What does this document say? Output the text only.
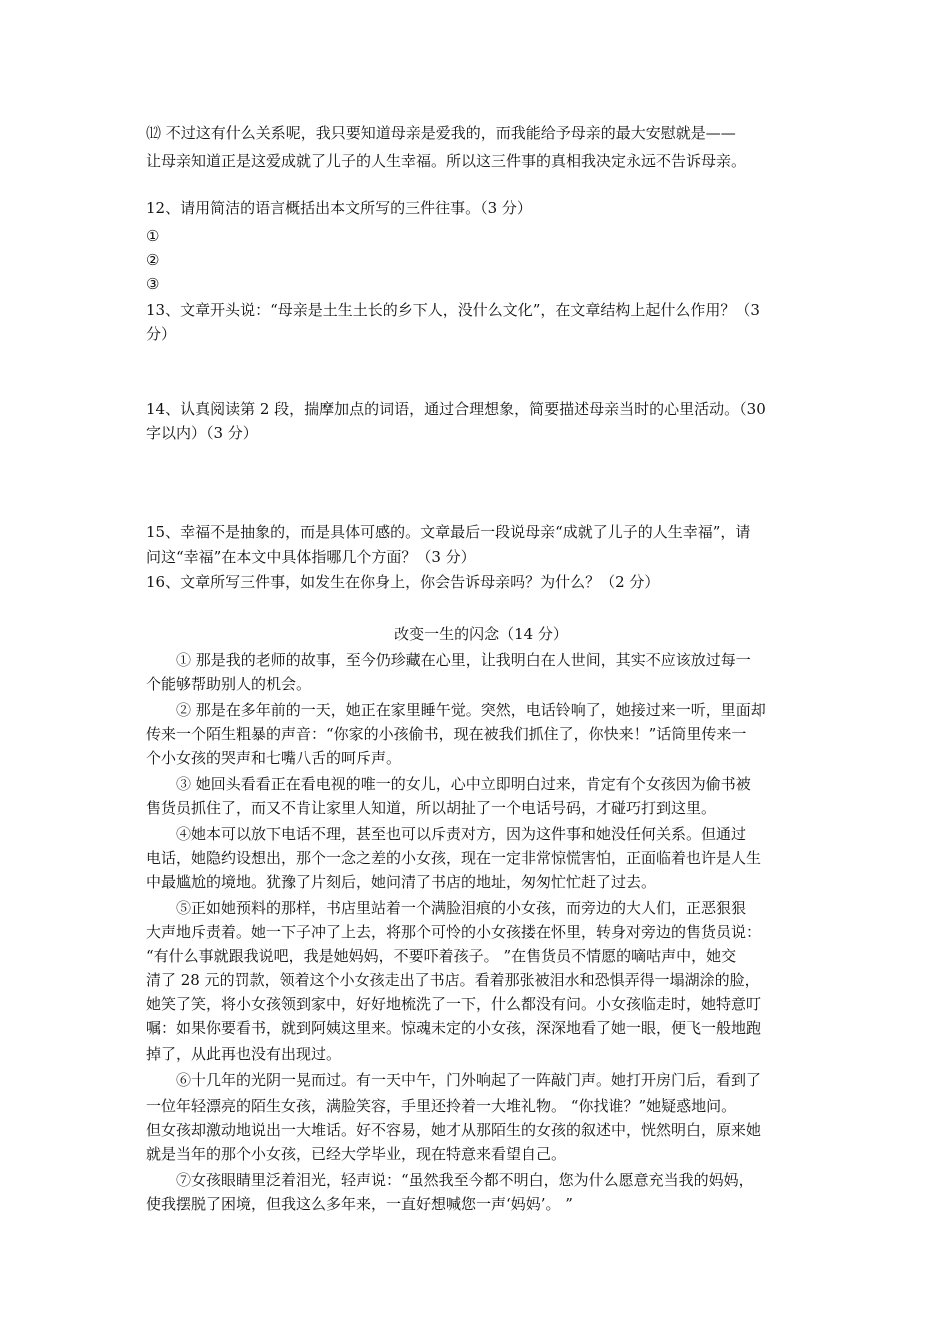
⑿ 不过这有什么关系呢，我只要知道母亲是爱我的，而我能给予母亲的最大安慰就是——
让母亲知道正是这爱成就了儿子的人生幸福。所以这三件事的真相我决定永远不告诉母亲。
12、请用简洁的语言概括出本文所写的三件往事。（3 分）
①
②
③
13、文章开头说：“母亲是土生土长的乡下人，没什么文化”，在文章结构上起什么作用？（3
分）
14、认真阅读第 2 段，揣摩加点的词语，通过合理想象，简要描述母亲当时的心里活动。（30
字以内）（3 分）
15、幸福不是抽象的，而是具体可感的。文章最后一段说母亲“成就了儿子的人生幸福”，请
问这“幸福”在本文中具体指哪几个方面？（3 分）
16、文章所写三件事，如发生在你身上，你会告诉母亲吗？为什么？（2 分）
改变一生的闪念（14 分）
　　① 那是我的老师的故事，至今仍珍藏在心里，让我明白在人世间，其实不应该放过每一
个能够帮助别人的机会。
　　② 那是在多年前的一天，她正在家里睡午觉。突然，电话铃响了，她接过来一听，里面却
传来一个陌生粗暴的声音：“你家的小孩偷书，现在被我们抓住了，你快来！”话筒里传来一
个小女孩的哭声和七嘴八舌的呵斥声。
　　③ 她回头看看正在看电视的唯一的女儿，心中立即明白过来，肯定有个女孩因为偷书被
售货员抓住了，而又不肯让家里人知道，所以胡扯了一个电话号码，才碰巧打到这里。
　　④她本可以放下电话不理，甚至也可以斥责对方，因为这件事和她没任何关系。但通过
电话，她隐约设想出，那个一念之差的小女孩，现在一定非常惊慌害怕，正面临着也许是人生
中最尴尬的境地。犹豫了片刻后，她问清了书店的地址，匆匆忙忙赶了过去。
　　⑤正如她预料的那样，书店里站着一个满脸泪痕的小女孩，而旁边的大人们，正恶狠狠
大声地斥责着。她一下子冲了上去，将那个可怜的小女孩搂在怀里，转身对旁边的售货员说：
“有什么事就跟我说吧，我是她妈妈，不要吓着孩子。 ”在售货员不情愿的嘀咕声中，她交
清了 28 元的罚款，领着这个小女孩走出了书店。看着那张被泪水和恐惧弄得一塌湖涂的脸，
她笑了笑，将小女孩领到家中，好好地梳洗了一下，什么都没有问。小女孩临走时，她特意叮
嘱：如果你要看书，就到阿姨这里来。惊魂未定的小女孩，深深地看了她一眼，便飞一般地跑
掉了，从此再也没有出现过。
　　⑥十几年的光阴一晃而过。有一天中午，门外响起了一阵敲门声。她打开房门后，看到了
一位年轻漂亮的陌生女孩，满脸笑容，手里还拎着一大堆礼物。 “你找谁？”她疑惑地问。
但女孩却激动地说出一大堆话。好不容易，她才从那陌生的女孩的叙述中，恍然明白，原来她
就是当年的那个小女孩，已经大学毕业，现在特意来看望自己。
　　⑦女孩眼睛里泛着泪光，轻声说：“虽然我至今都不明白，您为什么愿意充当我的妈妈，
使我摆脱了困境，但我这么多年来，一直好想喊您一声‘妈妈’。 ”
